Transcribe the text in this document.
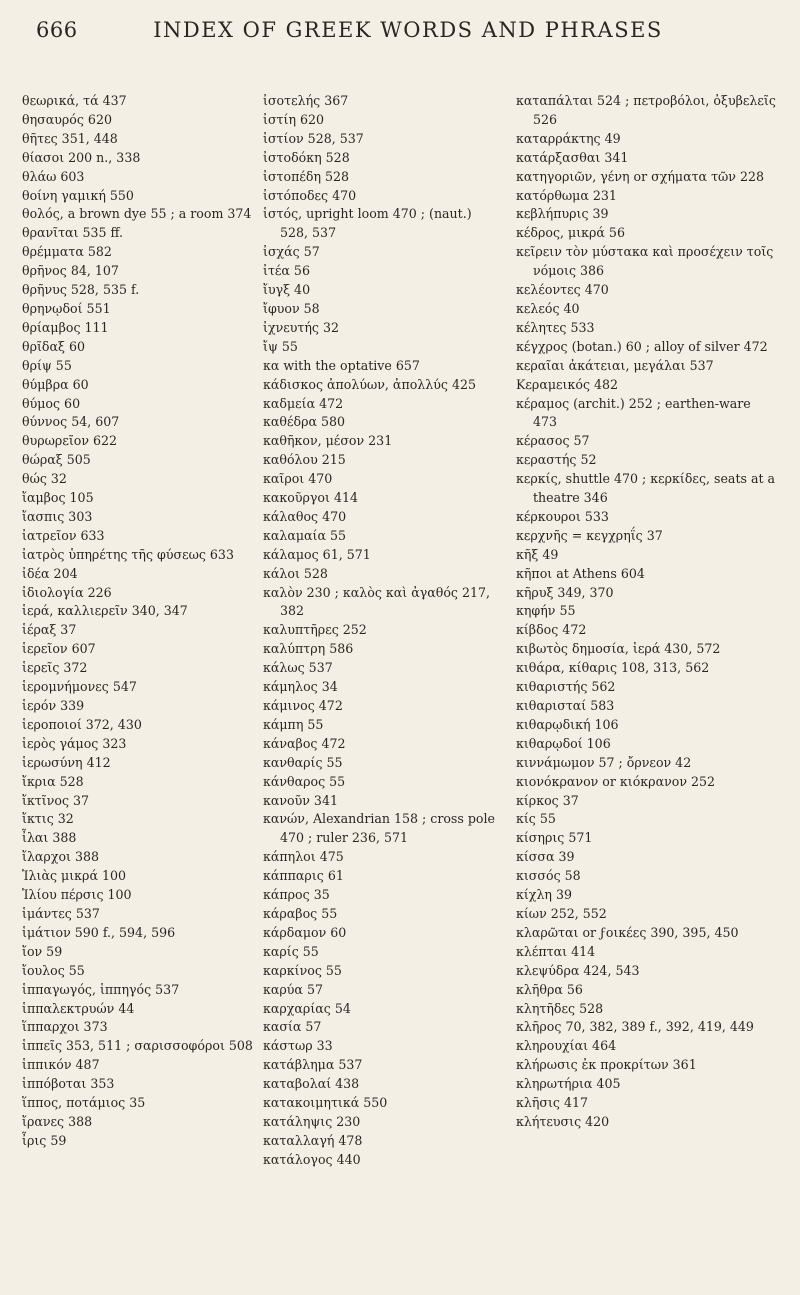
666	INDEX OF GREEK WORDS AND PHRASES
θεωρικά, τά 437
θησαυρός 620
θῆτες 351, 448
θίασοι 200 n., 338
θλάω 603
θοίνη γαμική 550
θολός, a brown dye 55 ; a room 374
θρανῖται 535 ff.
θρέμματα 582
θρῆνος 84, 107
θρῆνυς 528, 535 f.
θρηνῳδοί 551
θρίαμβος 111
θρῖδαξ 60
θρίψ 55
θύμβρα 60
θύμος 60
θύννος 54, 607
θυρωρεῖον 622
θώραξ 505
θώς 32
ἴαμβος 105
ἴασπις 303
ἰατρεῖον 633
ἰατρὸς ὑπηρέτης τῆς φύσεως 633
ἰδέα 204
ἰδιολογία 226
ἱερά, καλλιερεῖν 340, 347
ἱέραξ 37
ἱερεῖον 607
ἱερεῖς 372
ἱερομνήμονες 547
ἱερόν 339
ἱεροποιοί 372, 430
ἱερὸς γάμος 323
ἱερωσύνη 412
ἴκρια 528
ἴκτῖνος 37
ἴκτις 32
ἶλαι 388
ἴλαρχοι 388
Ἰλιὰς μικρά 100
Ἰλίου πέρσις 100
ἱμάντες 537
ἱμάτιον 590 f., 594, 596
ἴον 59
ἴουλος 55
ἱππαγωγός, ἱππηγός 537
ἱππαλεκτρυών 44
ἵππαρχοι 373
ἱππεῖς 353, 511 ; σαρισσοφόροι 508
ἱππικόν 487
ἱππόβοται 353
ἵππος, ποτάμιος 35
ἴρανες 388
ἶρις 59
ἰσοτελής 367
ἰστίη 620
ἱστίον 528, 537
ἰστοδόκη 528
ἰστοπέδη 528
ἰστόποδες 470
ἱστός, upright loom 470 ; (naut.) 528, 537
ἰσχάς 57
ἰτέα 56
ἴυγξ 40
ἴφυον 58
ἰχνευτής 32
ἴψ 55
κα with the optative 657
κάδισκος ἀπολύων, ἀπολλύς 425
καδμεία 472
καθέδρα 580
καθῆκον, μέσον 231
καθόλου 215
καῖροι 470
κακοῦργοι 414
κάλαθος 470
καλαμαία 55
κάλαμος 61, 571
κάλοι 528
καλὸν 230 ; καλὸς καὶ ἀγαθός 217, 382
καλυπτῆρες 252
καλύπτρη 586
κάλως 537
κάμηλος 34
κάμινος 472
κάμπη 55
κάναβος 472
κανθαρίς 55
κάνθαρος 55
κανοῦν 341
κανών, Alexandrian 158 ; cross pole 470 ; ruler 236, 571
κάπηλοι 475
κάππαρις 61
κάπρος 35
κάραβος 55
κάρδαμον 60
καρίς 55
καρκίνος 55
καρύα 57
καρχαρίας 54
κασία 57
κάστωρ 33
κατάβλημα 537
καταβολαί 438
κατακοιμητικά 550
κατάληψις 230
καταλλαγή 478
κατάλογος 440
καταπάλται 524 ; πετροβόλοι, ὀξυβελεῖς 526
καταρράκτης 49
κατάρξασθαι 341
κατηγοριῶν, γένη or σχήματα τῶν 228
κατόρθωμα 231
κεβλήπυρις 39
κέδρος, μικρά 56
κεῖρειν τὸν μύστακα καὶ προσέχειν τοῖς νόμοις 386
κελέοντες 470
κελεός 40
κέλητες 533
κέγχρος (botan.) 60 ; alloy of silver 472
κεραῖαι ἀκάτειαι, μεγάλαι 537
Κεραμεικός 482
κέραμος (archit.) 252 ; earthen-ware 473
κέρασος 57
κεραστής 52
κερκίς, shuttle 470 ; κερκίδες, seats at a theatre 346
κέρκουροι 533
κερχνῆς = κεγχρηΐς 37
κῆξ 49
κῆποι at Athens 604
κῆρυξ 349, 370
κηφήν 55
κίβδος 472
κιβωτὸς δημοσία, ἱερά 430, 572
κιθάρα, κίθαρις 108, 313, 562
κιθαριστής 562
κιθαρισταί 583
κιθαρῳδική 106
κιθαρῳδοί 106
κιννάμωμον 57 ; ὄρνεον 42
κιονόκρανον or κιόκρανον 252
κίρκος 37
κίς 55
κίσηρις 571
κίσσα 39
κισσός 58
κίχλη 39
κίων 252, 552
κλαρῶται or ϝοικέες 390, 395, 450
κλέπται 414
κλεψύδρα 424, 543
κλῆθρα 56
κλητῆδες 528
κλῆρος 70, 382, 389 f., 392, 419, 449
κληρουχίαι 464
κλήρωσις ἐκ προκρίτων 361
κληρωτήρια 405
κλῆσις 417
κλήτευσις 420
